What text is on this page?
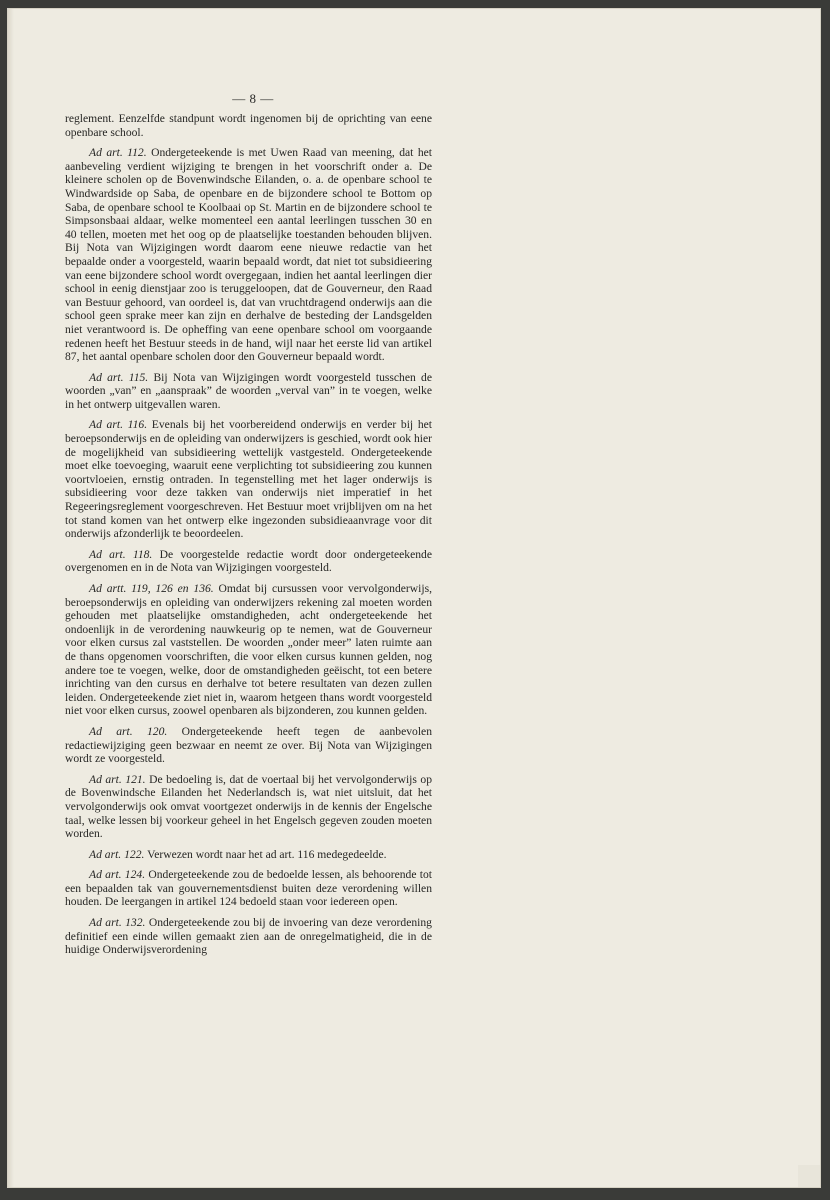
— 8 —

reglement. Eenzelfde standpunt wordt ingenomen bij de oprichting van eene openbare school.

Ad art. 112. Ondergeteekende is met Uwen Raad van meening, dat het aanbeveling verdient wijziging te brengen in het voorschrift onder a. De kleinere scholen op de Bovenwindsche Eilanden, o. a. de openbare school te Windwardside op Saba, de openbare en de bijzondere school te Bottom op Saba, de openbare school te Koolbaai op St. Martin en de bijzondere school te Simpsonsbaai aldaar, welke momenteel een aantal leerlingen tusschen 30 en 40 tellen, moeten met het oog op de plaatselijke toestanden behouden blijven. Bij Nota van Wijzigingen wordt daarom eene nieuwe redactie van het bepaalde onder a voorgesteld, waarin bepaald wordt, dat niet tot subsidieering van eene bijzondere school wordt overgegaan, indien het aantal leerlingen dier school in eenig dienstjaar zoo is teruggeloopen, dat de Gouverneur, den Raad van Bestuur gehoord, van oordeel is, dat van vruchtdragend onderwijs aan die school geen sprake meer kan zijn en derhalve de besteding der Landsgelden niet verantwoord is. De opheffing van eene openbare school om voorgaande redenen heeft het Bestuur steeds in de hand, wijl naar het eerste lid van artikel 87, het aantal openbare scholen door den Gouverneur bepaald wordt.

Ad art. 115. Bij Nota van Wijzigingen wordt voorgesteld tusschen de woorden „van” en „aanspraak” de woorden „verval van” in te voegen, welke in het ontwerp uitgevallen waren.

Ad art. 116. Evenals bij het voorbereidend onderwijs en verder bij het beroepsonderwijs en de opleiding van onderwijzers is geschied, wordt ook hier de mogelijkheid van subsidieering wettelijk vastgesteld. Ondergeteekende moet elke toevoeging, waaruit eene verplichting tot subsidieering zou kunnen voortvloeien, ernstig ontraden. In tegenstelling met het lager onderwijs is subsidieering voor deze takken van onderwijs niet imperatief in het Regeeringsreglement voorgeschreven. Het Bestuur moet vrijblijven om na het tot stand komen van het ontwerp elke ingezonden subsidieaanvrage voor dit onderwijs afzonderlijk te beoordeelen.

Ad art. 118. De voorgestelde redactie wordt door ondergeteekende overgenomen en in de Nota van Wijzigingen voorgesteld.

Ad artt. 119, 126 en 136. Omdat bij cursussen voor vervolgonderwijs, beroepsonderwijs en opleiding van onderwijzers rekening zal moeten worden gehouden met plaatselijke omstandigheden, acht ondergeteekende het ondoenlijk in de verordening nauwkeurig op te nemen, wat de Gouverneur voor elken cursus zal vaststellen. De woorden „onder meer” laten ruimte aan de thans opgenomen voorschriften, die voor elken cursus kunnen gelden, nog andere toe te voegen, welke, door de omstandigheden geëischt, tot een betere inrichting van den cursus en derhalve tot betere resultaten van dezen zullen leiden. Ondergeteekende ziet niet in, waarom hetgeen thans wordt voorgesteld niet voor elken cursus, zoowel openbaren als bijzonderen, zou kunnen gelden.

Ad art. 120. Ondergeteekende heeft tegen de aanbevolen redactiewijziging geen bezwaar en neemt ze over. Bij Nota van Wijzigingen wordt ze voorgesteld.

Ad art. 121. De bedoeling is, dat de voertaal bij het vervolgonderwijs op de Bovenwindsche Eilanden het Nederlandsch is, wat niet uitsluit, dat het vervolgonderwijs ook omvat voortgezet onderwijs in de kennis der Engelsche taal, welke lessen bij voorkeur geheel in het Engelsch gegeven zouden moeten worden.

Ad art. 122. Verwezen wordt naar het ad art. 116 medegedeelde.

Ad art. 124. Ondergeteekende zou de bedoelde lessen, als behoorende tot een bepaalden tak van gouvernementsdienst buiten deze verordening willen houden. De leergangen in artikel 124 bedoeld staan voor iedereen open.

Ad art. 132. Ondergeteekende zou bij de invoering van deze verordening definitief een einde willen gemaakt zien aan de onregelmatigheid, die in de huidige Onderwijsverordening
